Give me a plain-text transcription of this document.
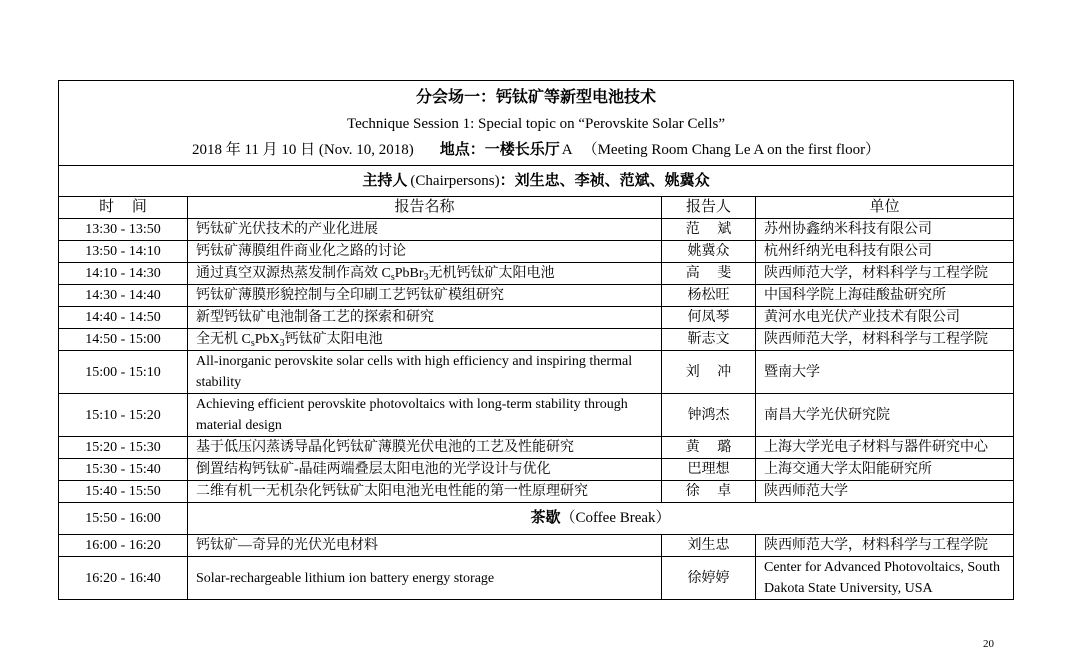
分会场一：钙钛矿等新型电池技术
Technique Session 1: Special topic on “Perovskite Solar Cells”
2018 年 11 月 10 日 (Nov. 10, 2018) 地点：一楼长乐厅 A （Meeting Room Chang Le A on the first floor）			

主持人 (Chairpersons)：刘生忠、李祯、范斌、姚冀众			
时 间	报告名称	报告人	单位
13:30 - 13:50	钙钛矿光伏技术的产业化进展	范 斌	苏州协鑫纳米科技有限公司
13:50 - 14:10	钙钛矿薄膜组件商业化之路的讨论	姚冀众	杭州纤纳光电科技有限公司
14:10 - 14:30	通过真空双源热蒸发制作高效 $C_sPbBr_3$无机钙钛矿太阳电池	高 斐	陕西师范大学，材料科学与工程学院
14:30 - 14:40	钙钛矿薄膜形貌控制与全印刷工艺钙钛矿模组研究	杨松旺	中国科学院上海硅酸盐研究所
14:40 - 14:50	新型钙钛矿电池制备工艺的探索和研究	何凤琴	黄河水电光伏产业技术有限公司
14:50 - 15:00	全无机 $C_sPbX_3$钙钛矿太阳电池	靳志文	陕西师范大学，材料科学与工程学院
15:00 - 15:10	All-inorganic perovskite solar cells with high efficiency and inspiring thermal stability	刘 冲	暨南大学
15:10 - 15:20	Achieving efficient perovskite photovoltaics with long-term stability through material design	钟鸿杰	南昌大学光伏研究院
15:20 - 15:30	基于低压闪蒸诱导晶化钙钛矿薄膜光伏电池的工艺及性能研究	黄 璐	上海大学光电子材料与器件研究中心
15:30 - 15:40	倒置结构钙钛矿-晶硅两端叠层太阳电池的光学设计与优化	巴理想	上海交通大学太阳能研究所
15:40 - 15:50	二维有机一无机杂化钙钛矿太阳电池光电性能的第一性原理研究	徐 卓	陕西师范大学
15:50 - 16:00	茶歇（Coffee Break）		
16:00 - 16:20	钙钛矿—奇异的光伏光电材料	刘生忠	陕西师范大学，材料科学与工程学院
16:20 - 16:40	Solar-rechargeable lithium ion battery energy storage	徐婷婷	Center for Advanced Photovoltaics, South Dakota State University, USA
20
